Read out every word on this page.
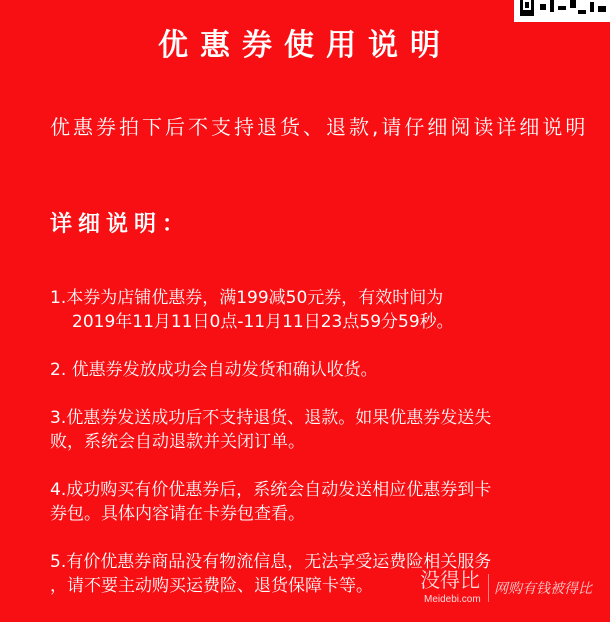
优惠券使用说明
优惠券拍下后不支持退货、退款,请仔细阅读详细说明
详细说明：
1.本券为店铺优惠券，满199减50元券，有效时间为
2019年11月11日0点-11月11日23点59分59秒。
2. 优惠券发放成功会自动发货和确认收货。
3.优惠券发送成功后不支持退货、退款。如果优惠券发送失
败，系统会自动退款并关闭订单。
4.成功购买有价优惠券后，系统会自动发送相应优惠券到卡
券包。具体内容请在卡券包查看。
5.有价优惠券商品没有物流信息，无法享受运费险相关服务
，请不要主动购买运费险、退货保障卡等。	没得比
Meidebi.com
网购有钱被得比
